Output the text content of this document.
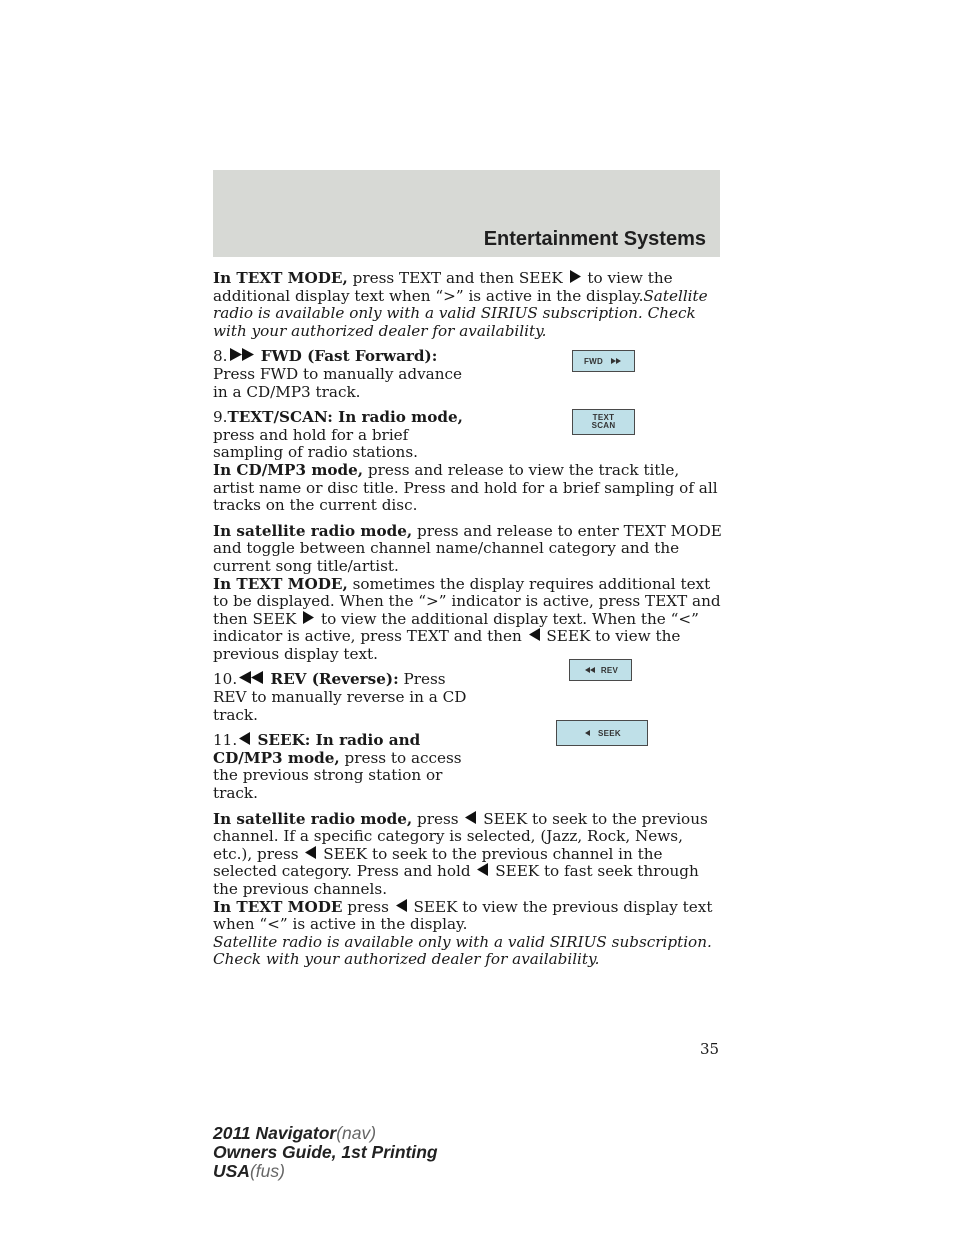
Entertainment Systems

In TEXT MODE, press TEXT and then SEEK
to view the additional display text when “>” is active in the display.Satellite radio is available only with a valid SIRIUS subscription. Check with your authorized dealer for availability.

8.
FWD (Fast Forward):
Press FWD to manually advance in a CD/MP3 track.
9.TEXT/SCAN: In radio mode, press and hold for a brief sampling of radio stations.

In CD/MP3 mode, press and release to view the track title, artist name or disc title. Press and hold for a brief sampling of all tracks on the current disc.

In satellite radio mode, press and release to enter TEXT MODE and toggle between channel name/channel category and the current song title/artist.

In TEXT MODE, sometimes the display requires additional text to be displayed. When the “>” indicator is active, press TEXT and then SEEK
to view the additional display text. When the “<” indicator is active, press TEXT and then
SEEK to view the previous display text.

10.
REV (Reverse): Press REV to manually reverse in a CD track.
11.
SEEK: In radio and CD/MP3 mode, press to access the previous strong station or track.

In satellite radio mode, press
SEEK to seek to the previous channel. If a specific category is selected, (Jazz, Rock, News, etc.), press
SEEK to seek to the previous channel in the selected category. Press and hold
SEEK to fast seek through the previous channels.

In TEXT MODE press
SEEK to view the previous display text when “<” is active in the display.

Satellite radio is available only with a valid SIRIUS subscription. Check with your authorized dealer for availability.

FWD
TEXT
SCAN
REV
SEEK
35
2011 Navigator(nav)
Owners Guide, 1st Printing
USA(fus)
